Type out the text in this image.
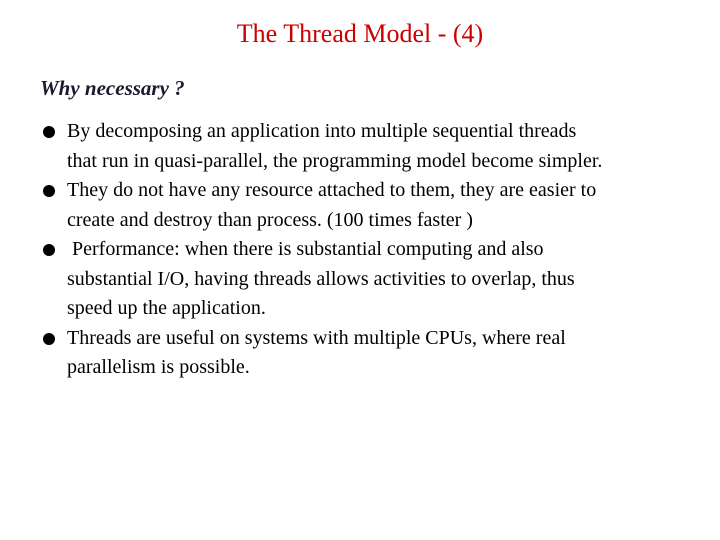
The Thread Model - (4)
Why necessary ?
By decomposing an application into multiple sequential threads
that run in quasi-parallel, the programming model become simpler.
They do not have any resource attached to them, they are easier to
create and destroy than process. (100 times faster )
Performance: when there is substantial computing and also
substantial I/O, having threads allows activities to overlap, thus
speed up the application.
Threads are useful on systems with multiple CPUs, where real
parallelism is possible.
